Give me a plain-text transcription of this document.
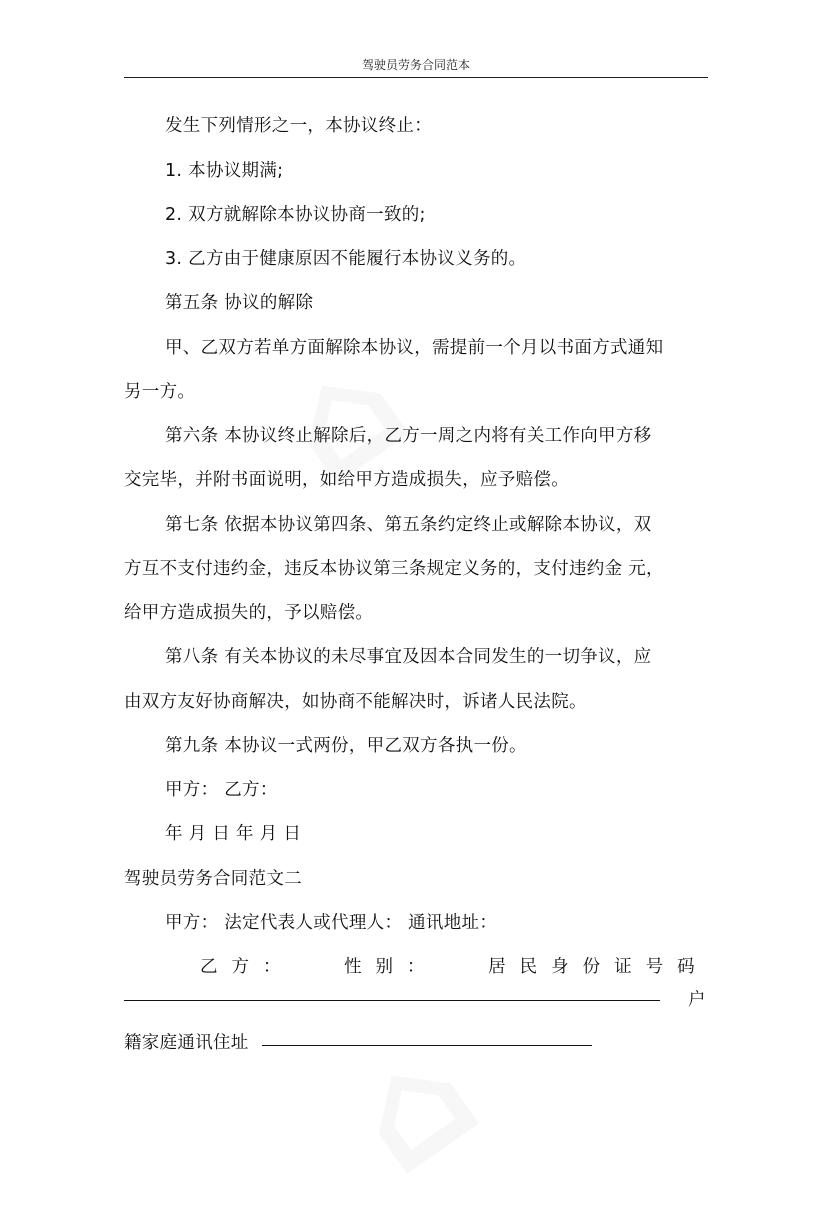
驾驶员劳务合同范本
发生下列情形之一，本协议终止：
1. 本协议期满;
2. 双方就解除本协议协商一致的;
3. 乙方由于健康原因不能履行本协议义务的。
第五条 协议的解除
甲、乙双方若单方面解除本协议，需提前一个月以书面方式通知
另一方。
第六条 本协议终止解除后，乙方一周之内将有关工作向甲方移
交完毕，并附书面说明，如给甲方造成损失，应予赔偿。
第七条 依据本协议第四条、第五条约定终止或解除本协议，双
方互不支付违约金，违反本协议第三条规定义务的，支付违约金 元，
给甲方造成损失的，予以赔偿。
第八条 有关本协议的未尽事宜及因本合同发生的一切争议，应
由双方友好协商解决，如协商不能解决时，诉诸人民法院。
第九条 本协议一式两份，甲乙双方各执一份。
甲方： 乙方：
年 月 日 年 月 日
驾驶员劳务合同范文二
甲方： 法定代表人或代理人： 通讯地址：
乙方： 性别： 居民身份证号码
户
籍家庭通讯住址
